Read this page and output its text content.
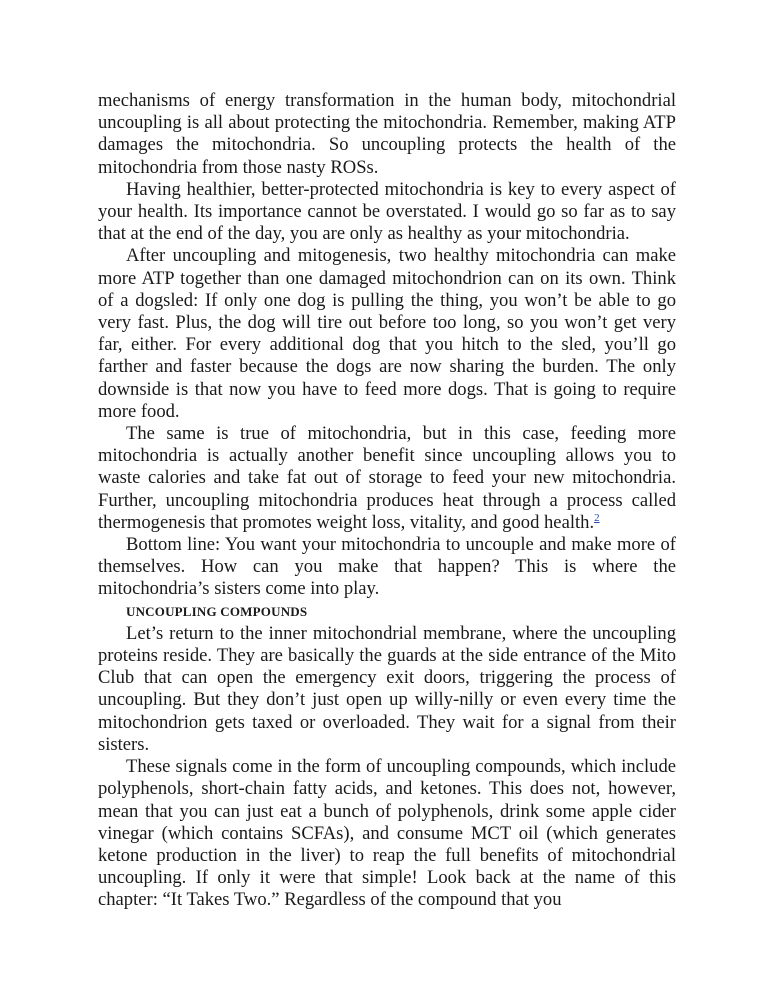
mechanisms of energy transformation in the human body, mitochondrial uncoupling is all about protecting the mitochondria. Remember, making ATP damages the mitochondria. So uncoupling protects the health of the mitochondria from those nasty ROSs.

Having healthier, better-protected mitochondria is key to every aspect of your health. Its importance cannot be overstated. I would go so far as to say that at the end of the day, you are only as healthy as your mitochondria.

After uncoupling and mitogenesis, two healthy mitochondria can make more ATP together than one damaged mitochondrion can on its own. Think of a dogsled: If only one dog is pulling the thing, you won’t be able to go very fast. Plus, the dog will tire out before too long, so you won’t get very far, either. For every additional dog that you hitch to the sled, you’ll go farther and faster because the dogs are now sharing the burden. The only downside is that now you have to feed more dogs. That is going to require more food.

The same is true of mitochondria, but in this case, feeding more mitochondria is actually another benefit since uncoupling allows you to waste calories and take fat out of storage to feed your new mitochondria. Further, uncoupling mitochondria produces heat through a process called thermogenesis that promotes weight loss, vitality, and good health.$^2$

Bottom line: You want your mitochondria to uncouple and make more of themselves. How can you make that happen? This is where the mitochondria’s sisters come into play.

UNCOUPLING COMPOUNDS

Let’s return to the inner mitochondrial membrane, where the uncoupling proteins reside. They are basically the guards at the side entrance of the Mito Club that can open the emergency exit doors, triggering the process of uncoupling. But they don’t just open up willy-nilly or even every time the mitochondrion gets taxed or overloaded. They wait for a signal from their sisters.

These signals come in the form of uncoupling compounds, which include polyphenols, short-chain fatty acids, and ketones. This does not, however, mean that you can just eat a bunch of polyphenols, drink some apple cider vinegar (which contains SCFAs), and consume MCT oil (which generates ketone production in the liver) to reap the full benefits of mitochondrial uncoupling. If only it were that simple! Look back at the name of this chapter: “It Takes Two.” Regardless of the compound that you
